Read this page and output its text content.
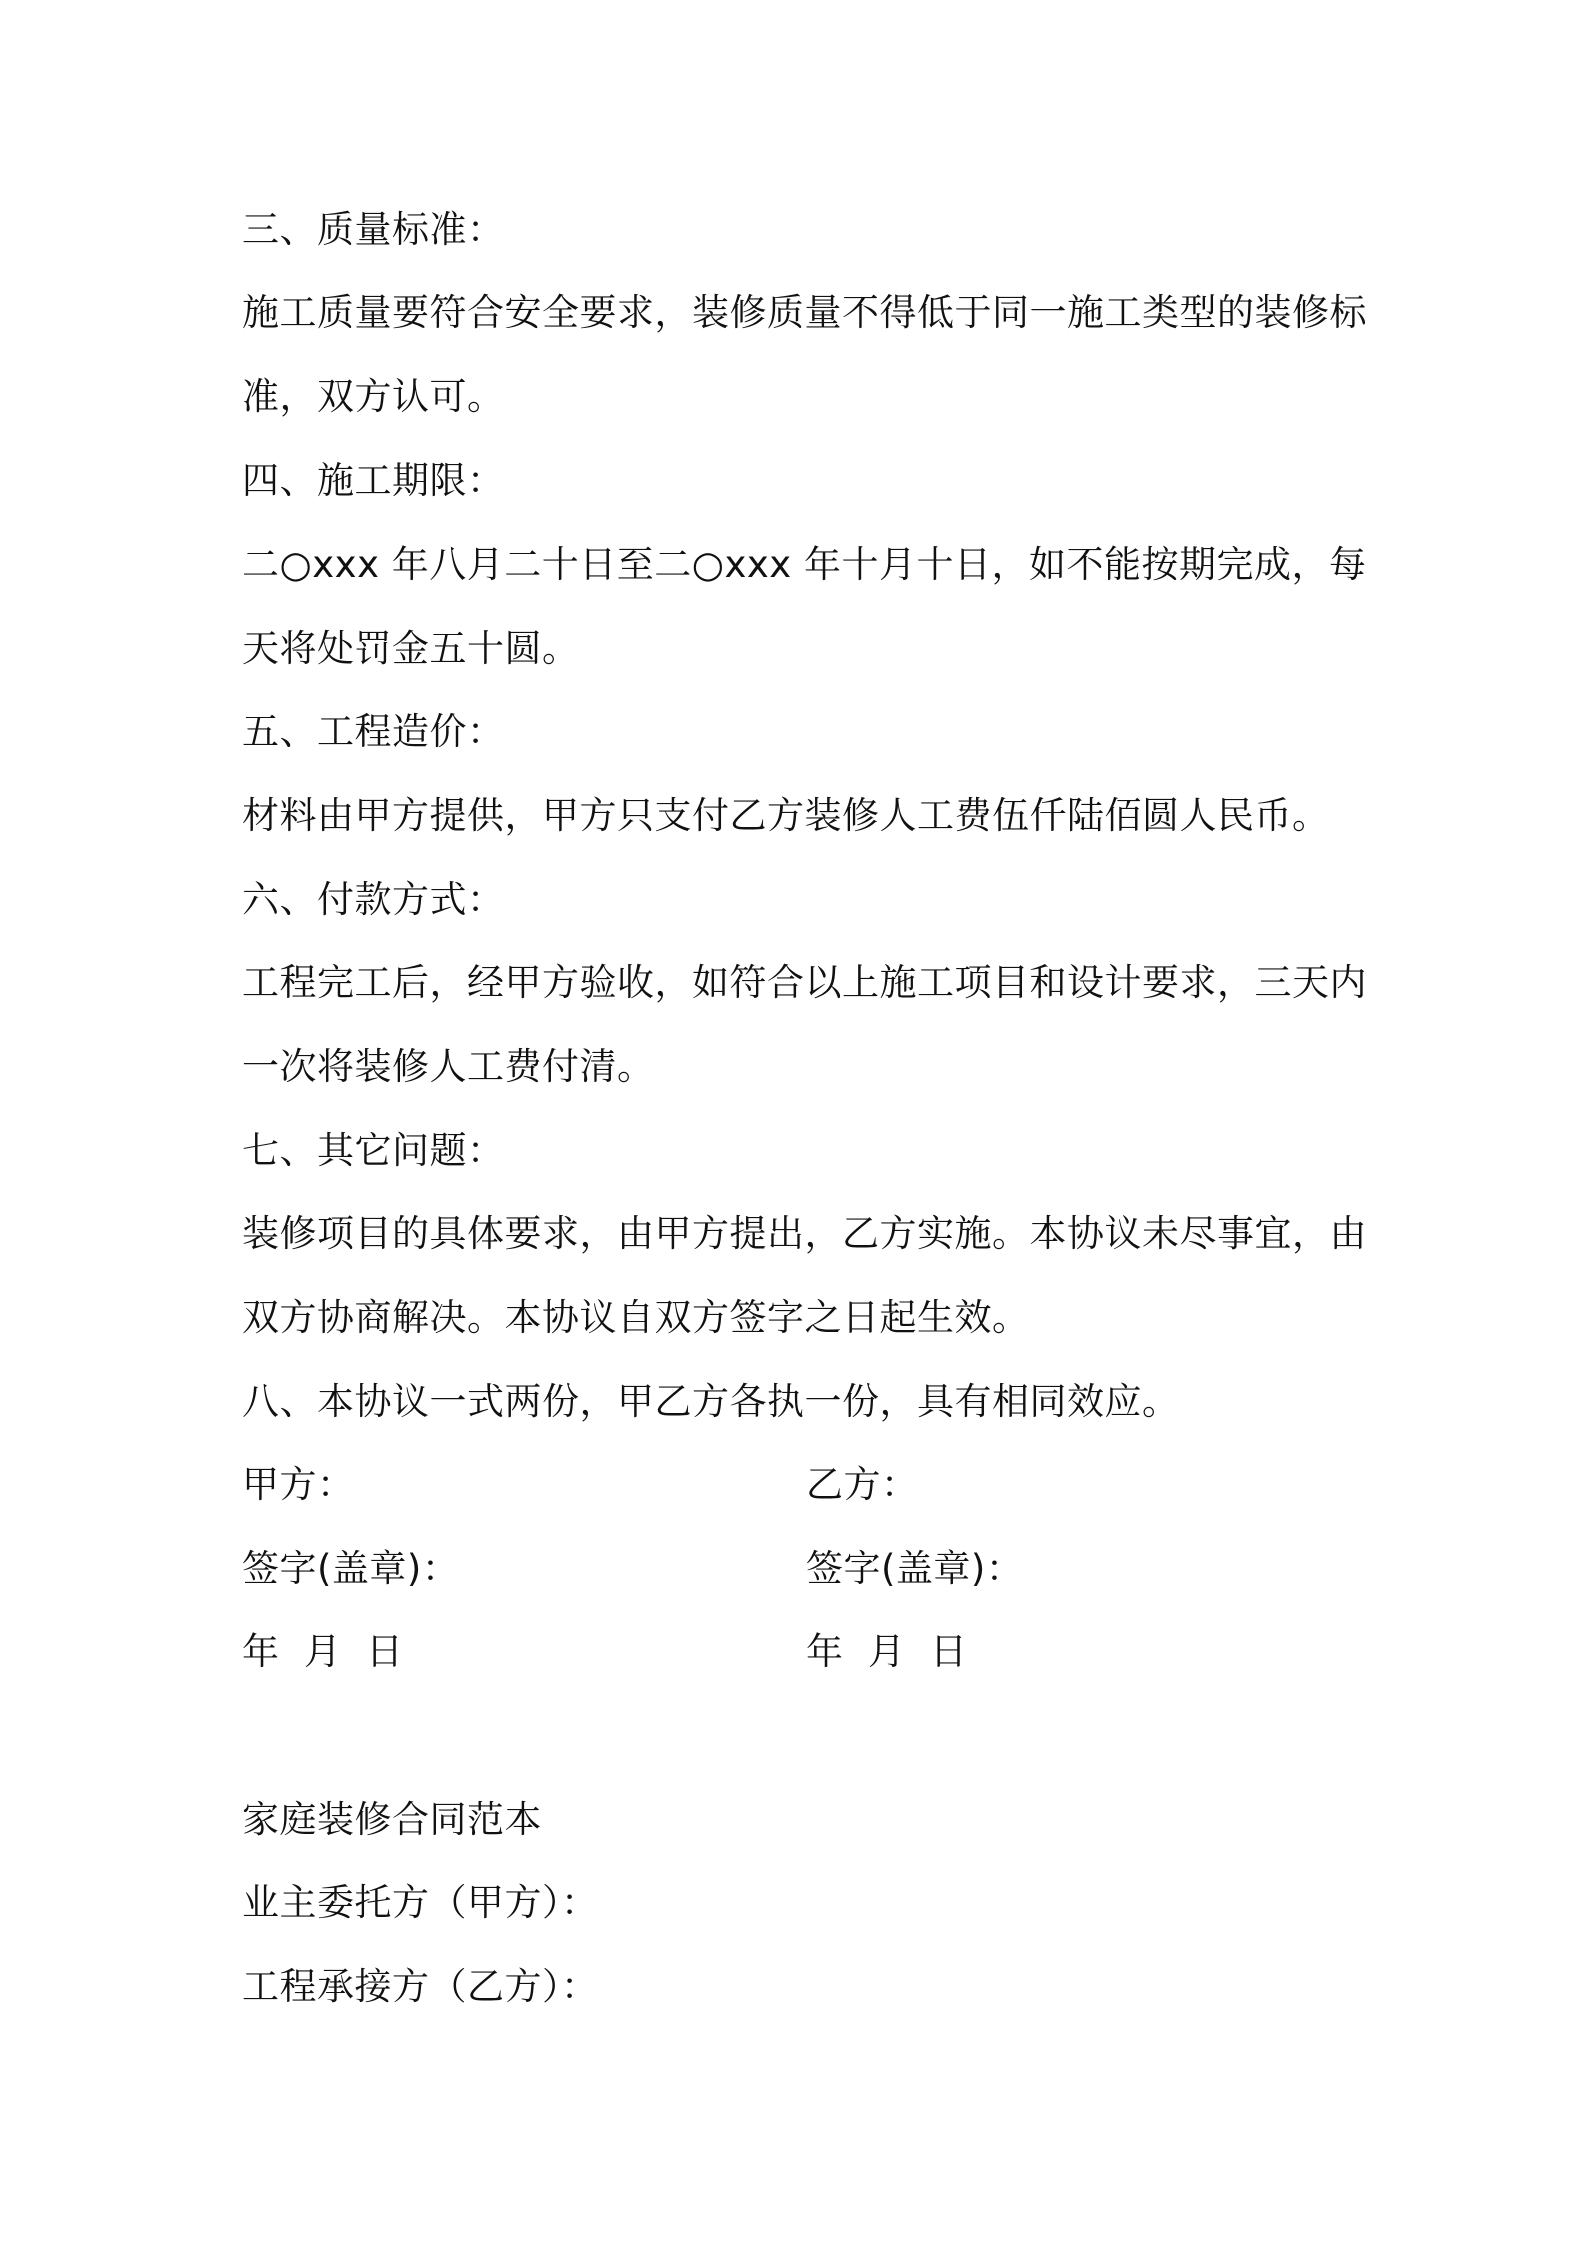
三、质量标准：
施工质量要符合安全要求，装修质量不得低于同一施工类型的装修标
准，双方认可。
四、施工期限：
二○xxx 年八月二十日至二○xxx 年十月十日，如不能按期完成，每
天将处罚金五十圆。
五、工程造价：
材料由甲方提供，甲方只支付乙方装修人工费伍仟陆佰圆人民币。
六、付款方式：
工程完工后，经甲方验收，如符合以上施工项目和设计要求，三天内
一次将装修人工费付清。
七、其它问题：
装修项目的具体要求，由甲方提出，乙方实施。本协议未尽事宜，由
双方协商解决。本协议自双方签字之日起生效。
八、本协议一式两份，甲乙方各执一份，具有相同效应。
甲方：	乙方：
签字(盖章)：	签字(盖章)：
年  月  日	年  月  日
家庭装修合同范本
业主委托方（甲方）：
工程承接方（乙方）：
